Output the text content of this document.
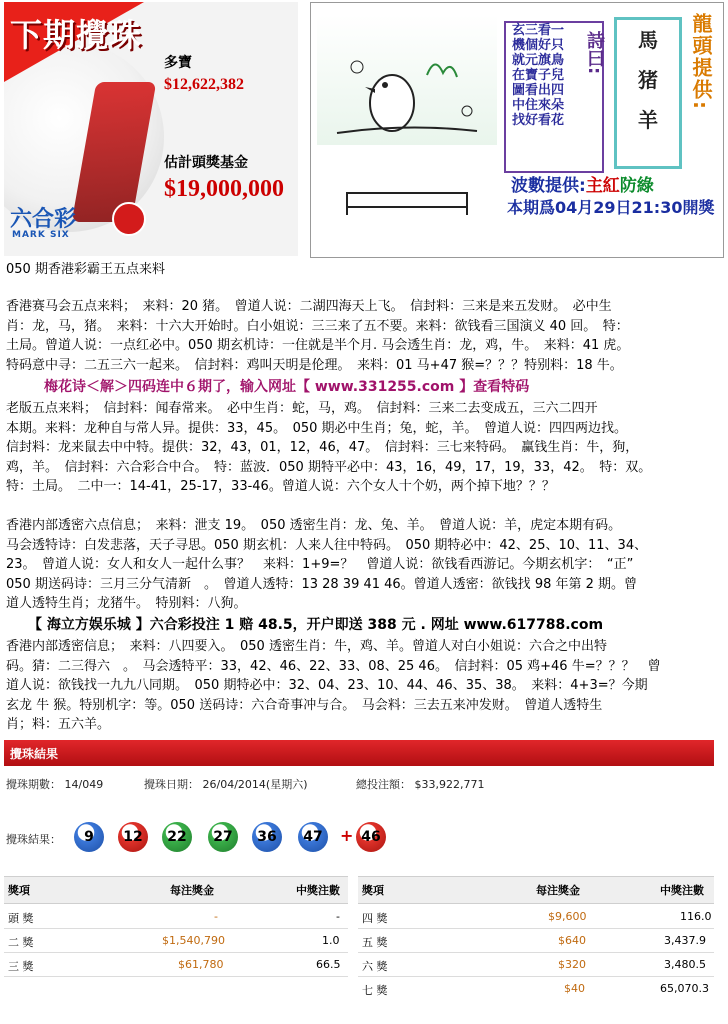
下期攪珠
六合彩
MARK SIX
多寶
$12,622,382
估計頭獎基金
$19,000,000
玄三看一
機個好只
就元旗鳥
在寶子兒
圖看出四
中住來朵
找好看花
詩曰:	馬
猪
羊
龍頭提供:
波數提供:主紅防綠
本期爲04月29日21:30開獎
050 期香港彩霸王五点来料
香港赛马会五点来料；　来料：20 猪。　曾道人说：二湖四海天上飞。　信封料：三来是来五发财。　必中生
肖：龙，马，猪。　来料：十六大开始时。白小姐说：三三来了五不要。来料：欲钱看三国演义 40 回。　特：
土局。曾道人说：一点红必中。050 期玄机诗：一住就是半个月. 马会透生肖：龙，鸡，牛。　来料：41 虎。
特码意中寻：二五三六一起来。　信封料：鸡叫天明是伦理。　来料：01 马+47 猴=？？？特别料：18 牛。
梅花诗＜解＞四码连中６期了，输入网址【 www.331255.com 】查看特码
老版五点来料；　信封料：闻春常来。　必中生肖：蛇，马，鸡。　信封料：三来二去变成五，三六二四开
本期。来料：龙种自与常人异。提供：33，45。　050 期必中生肖；兔，蛇，羊。　曾道人说：四四两边找。
信封料：龙来鼠去中中特。提供：32，43，01，12，46，47。　信封料：三七来特码。　赢钱生肖：牛，狗，
鸡，羊。　信封料：六合彩合中合。　特：蓝波．050 期特平必中：43，16，49，17，19，33，42。　特：双。
特：土局。　二中一：14-41，25-17，33-46。曾道人说：六个女人十个奶，两个掉下地？？？
香港内部透密六点信息；　来料：泄支 19。　050 透密生肖：龙、兔、羊。　曾道人说：羊，虎定本期有码。
马会透特诗：白发悲落，天子寻思。050 期玄机：人来人往中特码。　050 期特必中：42、25、10、11、34、
23。　曾道人说：女人和女人一起什么事？　来料：1+9=？　曾道人说：欲钱看西游记。今期玄机字：　“正”
050 期送码诗：三月三分气清新　。　曾道人透特：13 28 39 41 46。曾道人透密：欲钱找 98 年第 2 期。曾
道人透特生肖；龙猪牛。　特别料：八狗。
【 海立方娱乐城 】六合彩投注 1 赔 48.5，开户即送 388 元 . 网址 www.617788.com
香港内部透密信息；　来料：八四要入。　050 透密生肖：牛，鸡、羊。曾道人对白小姐说：六合之中出特
码。猜：二三得六　。　马会透特平：33，42、46、22、33、08、25 46。　信封料：05 鸡+46 牛=？？？　曾
道人说：欲钱找一九九八同期。　050 期特必中：32、04、23、10、44、46、35、38。　来料：4+3=？今期
玄龙 牛 猴。特别机字：等。050 送码诗：六合奇事冲与合。　马会料：三去五来冲发财。　曾道人透特生
肖；料：五六羊。
攪珠結果
攪珠期數： 14/049	攪珠日期： 26/04/2014(星期六)	總投注額： $33,922,771
攪珠結果：	9	12	22	27	36	47	+ 46
獎項	每注獎金	中獎注數 獎項	每注獎金	中獎注數
頭 獎	-	-
二 獎	$1,540,790	1.0
三 獎	$61,780	66.5
四 獎	$9,600	116.0
五 獎	$640	3,437.9
六 獎	$320	3,480.5
七 獎	$40	65,070.3
